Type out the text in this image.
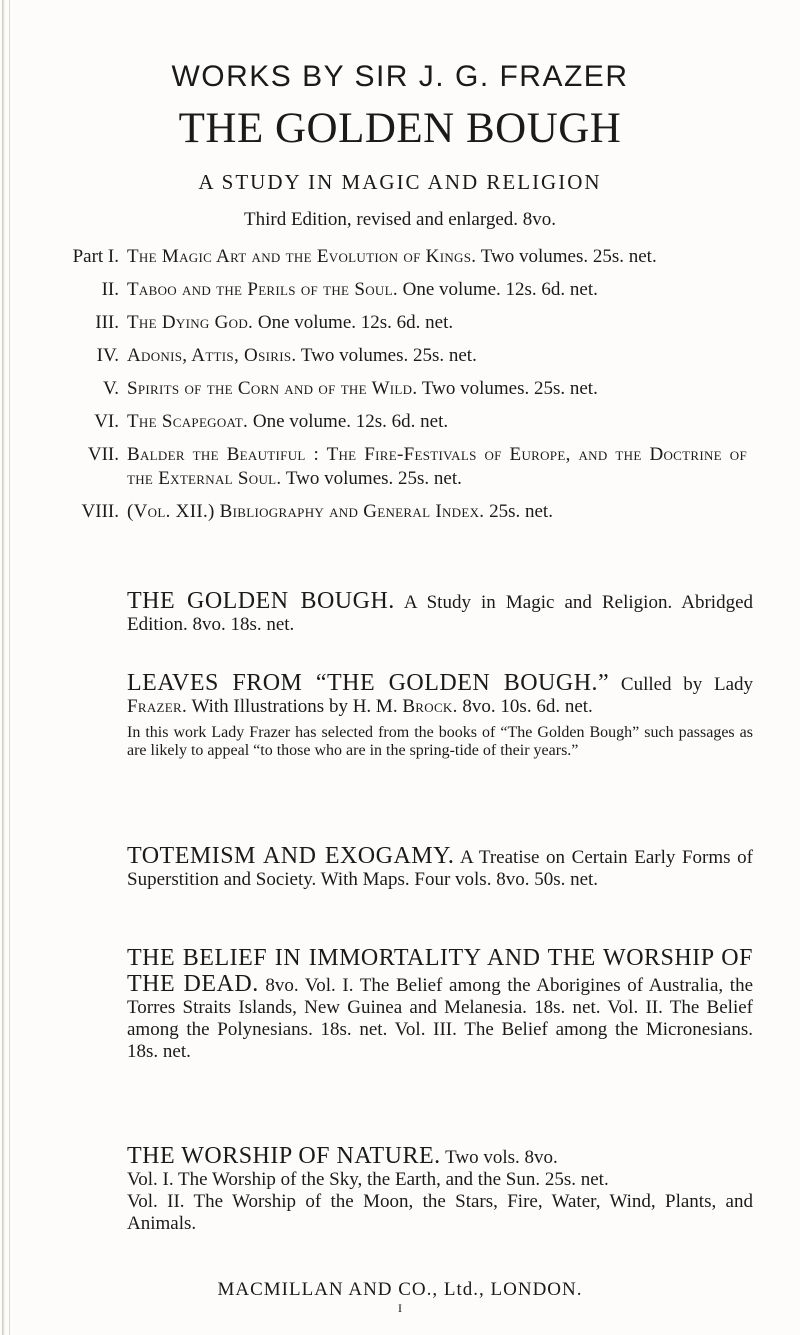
WORKS BY SIR J. G. FRAZER
THE GOLDEN BOUGH
A STUDY IN MAGIC AND RELIGION
Third Edition, revised and enlarged. 8vo.
Part I. The Magic Art and the Evolution of Kings. Two volumes. 25s. net.
II. Taboo and the Perils of the Soul. One volume. 12s. 6d. net.
III. The Dying God. One volume. 12s. 6d. net.
IV. Adonis, Attis, Osiris. Two volumes. 25s. net.
V. Spirits of the Corn and of the Wild. Two volumes. 25s. net.
VI. The Scapegoat. One volume. 12s. 6d. net.
VII. Balder the Beautiful : The Fire-Festivals of Europe, and the Doctrine of the External Soul. Two volumes. 25s. net.
VIII. (Vol. XII.) Bibliography and General Index. 25s. net.
THE GOLDEN BOUGH. A Study in Magic and Religion. Abridged Edition. 8vo. 18s. net.
LEAVES FROM “THE GOLDEN BOUGH.” Culled by Lady Frazer. With Illustrations by H. M. Brock. 8vo. 10s. 6d. net.
In this work Lady Frazer has selected from the books of “The Golden Bough” such passages as are likely to appeal “to those who are in the spring-tide of their years.”
TOTEMISM AND EXOGAMY. A Treatise on Certain Early Forms of Superstition and Society. With Maps. Four vols. 8vo. 50s. net.
THE BELIEF IN IMMORTALITY AND THE WORSHIP OF THE DEAD. 8vo. Vol. I. The Belief among the Aborigines of Australia, the Torres Straits Islands, New Guinea and Melanesia. 18s. net. Vol. II. The Belief among the Polynesians. 18s. net. Vol. III. The Belief among the Micronesians. 18s. net.
THE WORSHIP OF NATURE. Two vols. 8vo.
Vol. I. The Worship of the Sky, the Earth, and the Sun. 25s. net.
Vol. II. The Worship of the Moon, the Stars, Fire, Water, Wind, Plants, and Animals.
MACMILLAN AND CO., Ltd., LONDON.
I
